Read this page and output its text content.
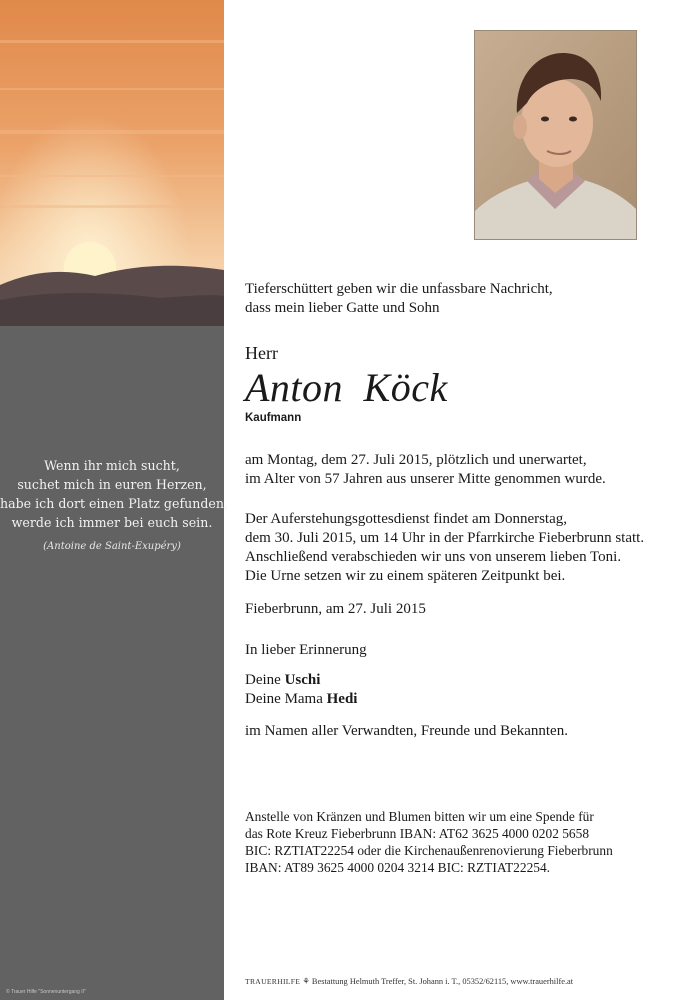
Wenn ihr mich sucht,
suchet mich in euren Herzen,
habe ich dort einen Platz gefunden,
werde ich immer bei euch sein.
(Antoine de Saint-Exupéry)
© Trauer Hilfe "Sonnenuntergang II"
Tieferschüttert geben wir die unfassbare Nachricht,
dass mein lieber Gatte und Sohn
Herr
Anton Köck
Kaufmann
am Montag, dem 27. Juli 2015, plötzlich und unerwartet,
im Alter von 57 Jahren aus unserer Mitte genommen wurde.
Der Auferstehungsgottesdienst findet am Donnerstag,
dem 30. Juli 2015, um 14 Uhr in der Pfarrkirche Fieberbrunn statt.
Anschließend verabschieden wir uns von unserem lieben Toni.
Die Urne setzen wir zu einem späteren Zeitpunkt bei.
Fieberbrunn, am 27. Juli 2015
In lieber Erinnerung
Deine Uschi
Deine Mama Hedi
im Namen aller Verwandten, Freunde und Bekannten.
Anstelle von Kränzen und Blumen bitten wir um eine Spende für
das Rote Kreuz Fieberbrunn IBAN: AT62 3625 4000 0202 5658
BIC: RZTIAT22254 oder die Kirchenaußenrenovierung Fieberbrunn
IBAN: AT89 3625 4000 0204 3214 BIC: RZTIAT22254.
TRAUERHILFE ⚘ Bestattung Helmuth Treffer, St. Johann i. T., 05352/62115, www.trauerhilfe.at
